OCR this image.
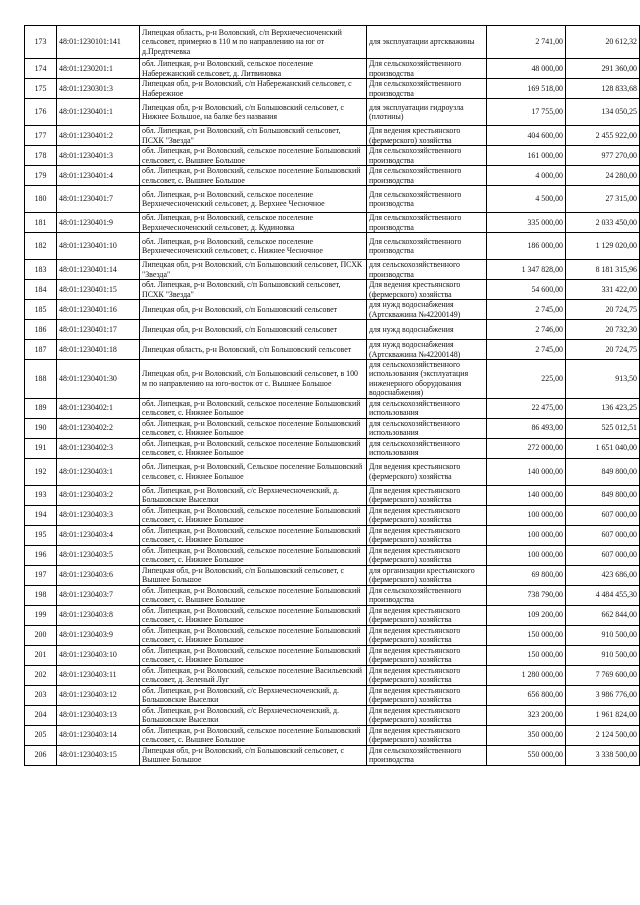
173	48:01:1230101:141	Липецкая область, р-н Воловский, с/п Верхнечесноченский сельсовет, примерно в 110 м по направлению на юг от д.Предтечевка	для эксплуатации артскважины	2 741,00	20 612,32
174	48:01:1230201:1	обл. Липецкая, р-н Воловский, сельское поселение Набережанский сельсовет, д. Литвиновка	Для сельскохозяйственного производства	48 000,00	291 360,00
175	48:01:1230301:3	Липецкая обл, р-н Воловский, с/п Набережанский сельсовет, с Набережное	Для сельскохозяйственного производства	169 518,00	128 833,68
176	48:01:1230401:1	Липецкая обл, р-н Воловский, с/п Большовский сельсовет, с Нижнее Большое, на балке без названия	для эксплуатации гидроузла (плотины)	17 755,00	134 050,25
177	48:01:1230401:2	обл. Липецкая, р-н Воловский, с/п Большовский сельсовет, ПСХК "Звезда"	Для ведения крестьянского (фермерского) хозяйства	404 600,00	2 455 922,00
178	48:01:1230401:3	обл. Липецкая, р-н Воловский, сельское поселение Большовский сельсовет, с. Вышнее Большое	Для сельскохозяйственного производства	161 000,00	977 270,00
179	48:01:1230401:4	обл. Липецкая, р-н Воловский, сельское поселение Большовский сельсовет, с. Вышнее Большое	Для сельскохозяйственного производства	4 000,00	24 280,00
180	48:01:1230401:7	обл. Липецкая, р-н Воловский, сельское поселение Верхнечесноченский сельсовет, д. Верхнее Чесночное	Для сельскохозяйственного производства	4 500,00	27 315,00
181	48:01:1230401:9	обл. Липецкая, р-н Воловский, сельское поселение Верхнечесноченский сельсовет, д. Кудиновка	Для сельскохозяйственного производства	335 000,00	2 033 450,00
182	48:01:1230401:10	обл. Липецкая, р-н Воловский, сельское поселение Верхнечесноченский сельсовет, с. Нижнее Чесночное	Для сельскохозяйственного производства	186 000,00	1 129 020,00
183	48:01:1230401:14	Липецкая обл, р-н Воловский, с/п Большовский сельсовет, ПСХК "Звезда"	для сельскохозяйственного производства	1 347 828,00	8 181 315,96
184	48:01:1230401:15	обл. Липецкая, р-н Воловский, с/п Большовский сельсовет, ПСХК "Звезда"	Для ведения крестьянского (фермерского) хозяйства	54 600,00	331 422,00
185	48:01:1230401:16	Липецкая обл, р-н Воловский, с/п Большовский сельсовет	для нужд водоснабжения (Артскважина №42200149)	2 745,00	20 724,75
186	48:01:1230401:17	Липецкая обл, р-н Воловский, с/п Большовский сельсовет	для нужд водоснабжения	2 746,00	20 732,30
187	48:01:1230401:18	Липецкая область, р-н Воловский, с/п Большовский сельсовет	для нужд водоснабжения (Артскважина №42200148)	2 745,00	20 724,75
188	48:01:1230401:30	Липецкая обл, р-н Воловский, с/п Большовский сельсовет, в 100 м по направлению на юго-восток от с. Вышнее Большое	для сельскохозяйственного использования (эксплуатация инженерного оборудования водоснабжения)	225,00	913,50
189	48:01:1230402:1	обл. Липецкая, р-н Воловский, сельское поселение Большовский сельсовет, с. Нижнее Большое	для сельскохозяйственного использования	22 475,00	136 423,25
190	48:01:1230402:2	обл. Липецкая, р-н Воловский, сельское поселение Большовский сельсовет, с. Нижнее Большое	для сельскохозяйственного использования	86 493,00	525 012,51
191	48:01:1230402:3	обл. Липецкая, р-н Воловский, сельское поселение Большовский сельсовет, с. Нижнее Большое	для сельскохозяйственного использования	272 000,00	1 651 040,00
192	48:01:1230403:1	обл. Липецкая, р-н Воловский, Сельское поселение Большовский сельсовет, с. Нижнее Большое	Для ведения крестьянского (фермерского) хозяйства	140 000,00	849 800,00
193	48:01:1230403:2	обл. Липецкая, р-н Воловский, с/с Верхнечесноченский, д. Большовские Выселки	Для ведения крестьянского (фермерского) хозяйства	140 000,00	849 800,00
194	48:01:1230403:3	обл. Липецкая, р-н Воловский, сельское поселение Большовский сельсовет, с. Нижнее Большое	Для ведения крестьянского (фермерского) хозяйства	100 000,00	607 000,00
195	48:01:1230403:4	обл. Липецкая, р-н Воловский, сельское поселение Большовский сельсовет, с. Нижнее Большое	Для ведения крестьянского (фермерского) хозяйства	100 000,00	607 000,00
196	48:01:1230403:5	обл. Липецкая, р-н Воловский, сельское поселение Большовский сельсовет, с. Нижнее Большое	Для ведения крестьянского (фермерского) хозяйства	100 000,00	607 000,00
197	48:01:1230403:6	Липецкая обл, р-н Воловский, с/п Большовский сельсовет, с Вышнее Большое	для организации крестьянского (фермерского) хозяйства	69 800,00	423 686,00
198	48:01:1230403:7	обл. Липецкая, р-н Воловский, сельское поселение Большовский сельсовет, с. Вышнее Большое	Для сельскохозяйственного производства	738 790,00	4 484 455,30
199	48:01:1230403:8	обл. Липецкая, р-н Воловский, сельское поселение Большовский сельсовет, с. Нижнее Большое	Для ведения крестьянского (фермерского) хозяйства	109 200,00	662 844,00
200	48:01:1230403:9	обл. Липецкая, р-н Воловский, сельское поселение Большовский сельсовет, с. Нижнее Большое	Для ведения крестьянского (фермерского) хозяйства	150 000,00	910 500,00
201	48:01:1230403:10	обл. Липецкая, р-н Воловский, сельское поселение Большовский сельсовет, с. Нижнее Большое	Для ведения крестьянского (фермерского) хозяйства	150 000,00	910 500,00
202	48:01:1230403:11	обл. Липецкая, р-н Воловский, сельское поселение Васильевский сельсовет, д. Зеленый Луг	Для ведения крестьянского (фермерского) хозяйства	1 280 000,00	7 769 600,00
203	48:01:1230403:12	обл. Липецкая, р-н Воловский, с/с Верхнечесноченский, д. Большовские Выселки	Для ведения крестьянского (фермерского) хозяйства	656 800,00	3 986 776,00
204	48:01:1230403:13	обл. Липецкая, р-н Воловский, с/с Верхнечесноченский, д. Большовские Выселки	Для ведения крестьянского (фермерского) хозяйства	323 200,00	1 961 824,00
205	48:01:1230403:14	обл. Липецкая, р-н Воловский, сельское поселение Большовский сельсовет, с. Вышнее Большое	Для ведения крестьянского (фермерского) хозяйства	350 000,00	2 124 500,00
206	48:01:1230403:15	Липецкая обл, р-н Воловский, с/п Большовский сельсовет, с Вышнее Большое	Для сельскохозяйственного производства	550 000,00	3 338 500,00
